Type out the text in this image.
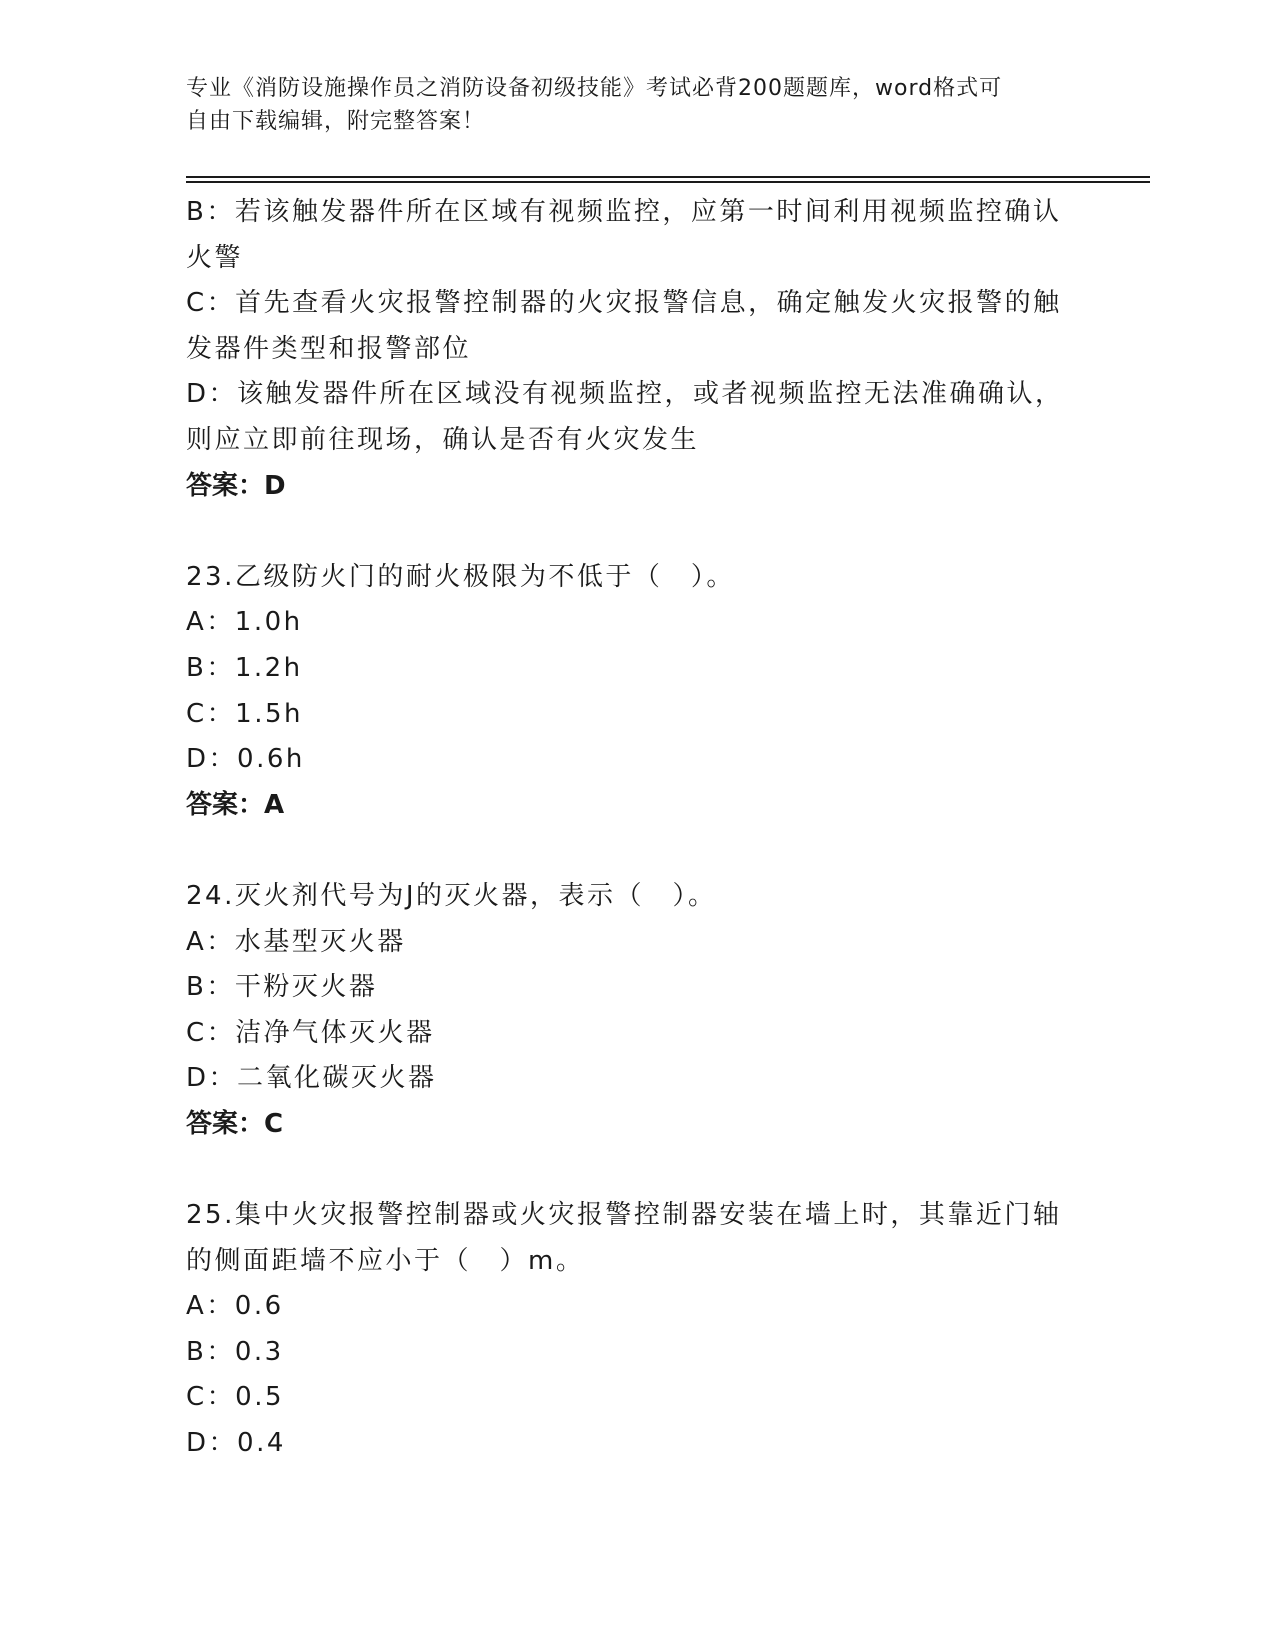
专业《消防设施操作员之消防设备初级技能》考试必背200题题库，word格式可
自由下载编辑，附完整答案！
B：若该触发器件所在区域有视频监控，应第一时间利用视频监控确认
火警
C：首先查看火灾报警控制器的火灾报警信息，确定触发火灾报警的触
发器件类型和报警部位
D：该触发器件所在区域没有视频监控，或者视频监控无法准确确认，
则应立即前往现场，确认是否有火灾发生
答案：D
23.乙级防火门的耐火极限为不低于（　）。
A：1.0h
B：1.2h
C：1.5h
D：0.6h
答案：A
24.灭火剂代号为J的灭火器，表示（　）。
A：水基型灭火器
B：干粉灭火器
C：洁净气体灭火器
D：二氧化碳灭火器
答案：C
25.集中火灾报警控制器或火灾报警控制器安装在墙上时，其靠近门轴
的侧面距墙不应小于（　）m。
A：0.6
B：0.3
C：0.5
D：0.4
